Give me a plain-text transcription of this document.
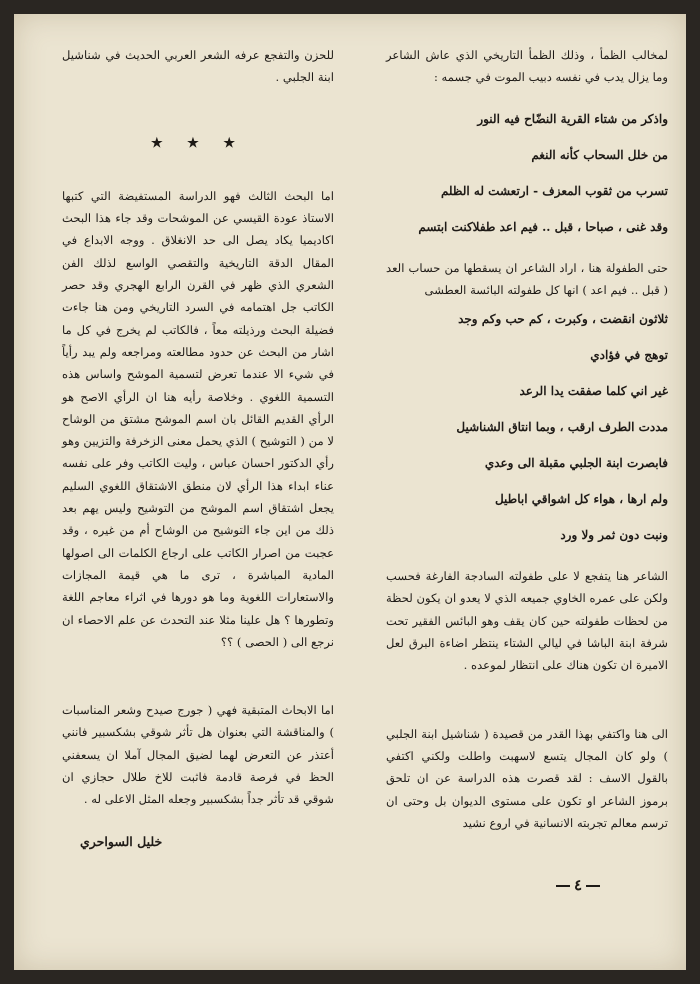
لمخالب الظمأ ، وذلك الظمأ التاريخي الذي عاش الشاعر وما يزال يدب في نفسه دبيب الموت في جسمه :

واذكر من شتاء القرية النضّاح فيه النور

من خلل السحاب كأنه النغم

تسرب من ثقوب المعزف - ارتعشت له الظلم

وقد غنى ، صباحا ، قبل .. فيم اعد طفلاكنت ابتسم

حتى الطفولة هنا ، اراد الشاعر ان يسقطها من حساب العد ( قبل .. فيم اعد ) انها كل طفولته البائسة العطشى

ثلاثون انقضت ، وكبرت ، كم حب وكم وجد

توهج في فؤادي

غير اني كلما صفقت يدا الرعد

مددت الطرف ارقب ، وبما انتاق الشناشيل

فابصرت ابنة الجلبي مقبلة الى وعدي

ولم ارها ، هواء كل اشواقي اباطيل

ونبت دون ثمر ولا ورد

الشاعر هنا يتفجع لا على طفولته السادجة الفارغة فحسب ولكن على عمره الخاوي جميعه الذي لا يعدو ان يكون لحظة من لحظات طفولته حين كان يقف وهو البائس الفقير تحت شرفة ابنة الباشا في ليالي الشتاء ينتظر اضاءة البرق لعل الاميرة ان تكون هناك على انتظار لموعده .

الى هنا واكتفي بهذا القدر من قصيدة ( شناشيل ابنة الجلبي ) ولو كان المجال يتسع لاسهبت واطلت ولكني اكتفي بالقول الاسف : لقد قصرت هذه الدراسة عن ان تلحق برموز الشاعر او تكون على مستوى الديوان بل وحتى ان ترسم معالم تجربته الانسانية في اروع نشيد

للحزن والتفجع عرفه الشعر العربي الحديث في شناشيل ابنة الجلبي .

★ ★ ★

اما البحث الثالث فهو الدراسة المستفيضة التي كتبها الاستاذ عودة القيسي عن الموشحات وقد جاء هذا البحث اكاديميا يكاد يصل الى حد الانغلاق . ووجه الابداع في المقال الدقة التاريخية والتقصي الواسع لذلك الفن الشعري الذي ظهر في القرن الرابع الهجري وقد حصر الكاتب جل اهتمامه في السرد التاريخي ومن هنا جاءت فضيلة البحث ورذيلته معاً ، فالكاتب لم يخرج في كل ما اشار من البحث عن حدود مطالعته ومراجعه ولم يبد رأياً في شيء الا عندما تعرض لتسمية الموشح واساس هذه التسمية اللغوي . وخلاصة رأيه هنا ان الرأي الاصح هو الرأي القديم القائل بان اسم الموشح مشتق من الوشاح لا من ( التوشيح ) الذي يحمل معنى الزخرفة والتزيين وهو رأي الدكتور احسان عباس ، وليت الكاتب وفر على نفسه عناء ابداء هذا الرأي لان منطق الاشتقاق اللغوي السليم يجعل اشتقاق اسم الموشح من التوشيح وليس يهم بعد ذلك من اين جاء التوشيح من الوشاح أم من غيره ، وقد عجبت من اصرار الكاتب على ارجاع الكلمات الى اصولها المادية المباشرة ، ترى ما هي قيمة المجازات والاستعارات اللغوية وما هو دورها في اثراء معاجم اللغة وتطورها ؟ هل علينا مثلا عند التحدث عن علم الاحصاء ان نرجع الى ( الحصى ) ؟؟

اما الابحاث المتبقية فهي ( جورج صيدح وشعر المناسبات ) والمناقشة التي بعنوان هل تأثر شوقي بشكسبير فانني أعتذر عن التعرض لهما لضيق المجال آملا ان يسعفني الحظ في فرصة قادمة فاثبت للاخ طلال حجازي ان شوقي قد تأثر جداً بشكسبير وجعله المثل الاعلى له .

خليل السواحري
٤
